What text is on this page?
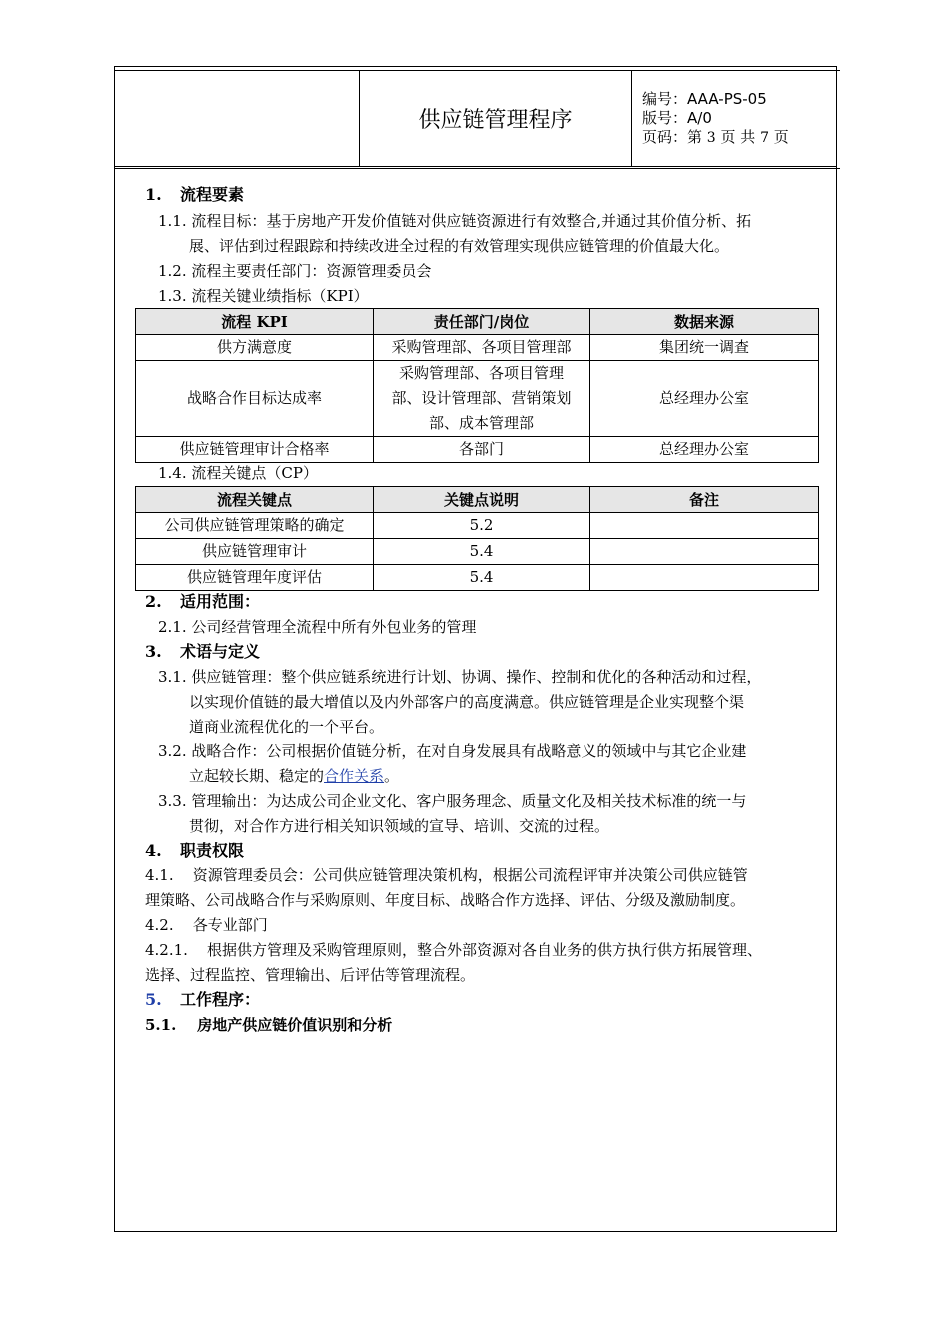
供应链管理程序
编号：AAA-PS-05
版号：A/0
页码：第 3 页 共 7 页
1. 流程要素
1.1. 流程目标：基于房地产开发价值链对供应链资源进行有效整合,并通过其价值分析、拓
展、评估到过程跟踪和持续改进全过程的有效管理实现供应链管理的价值最大化。
1.2. 流程主要责任部门：资源管理委员会
1.3. 流程关键业绩指标（KPI）
流程 KPI	责任部门/岗位	数据来源
供方满意度	采购管理部、各项目管理部	集团统一调查
战略合作目标达成率	采购管理部、各项目管理
部、设计管理部、营销策划
部、成本管理部	总经理办公室
供应链管理审计合格率	各部门	总经理办公室
1.4. 流程关键点（CP）
流程关键点	关键点说明	备注
公司供应链管理策略的确定	5.2	
供应链管理审计	5.4	
供应链管理年度评估	5.4	
2. 适用范围：
2.1. 公司经营管理全流程中所有外包业务的管理
3. 术语与定义
3.1. 供应链管理：整个供应链系统进行计划、协调、操作、控制和优化的各种活动和过程，
以实现价值链的最大增值以及内外部客户的高度满意。供应链管理是企业实现整个渠
道商业流程优化的一个平台。
3.2. 战略合作：公司根据价值链分析，在对自身发展具有战略意义的领域中与其它企业建
立起较长期、稳定的合作关系。
3.3. 管理输出：为达成公司企业文化、客户服务理念、质量文化及相关技术标准的统一与
贯彻，对合作方进行相关知识领域的宣导、培训、交流的过程。
4. 职责权限
4.1.    资源管理委员会：公司供应链管理决策机构，根据公司流程评审并决策公司供应链管
理策略、公司战略合作与采购原则、年度目标、战略合作方选择、评估、分级及激励制度。
4.2.    各专业部门
4.2.1.    根据供方管理及采购管理原则，整合外部资源对各自业务的供方执行供方拓展管理、
选择、过程监控、管理输出、后评估等管理流程。
5. 工作程序：
5.1.    房地产供应链价值识别和分析
